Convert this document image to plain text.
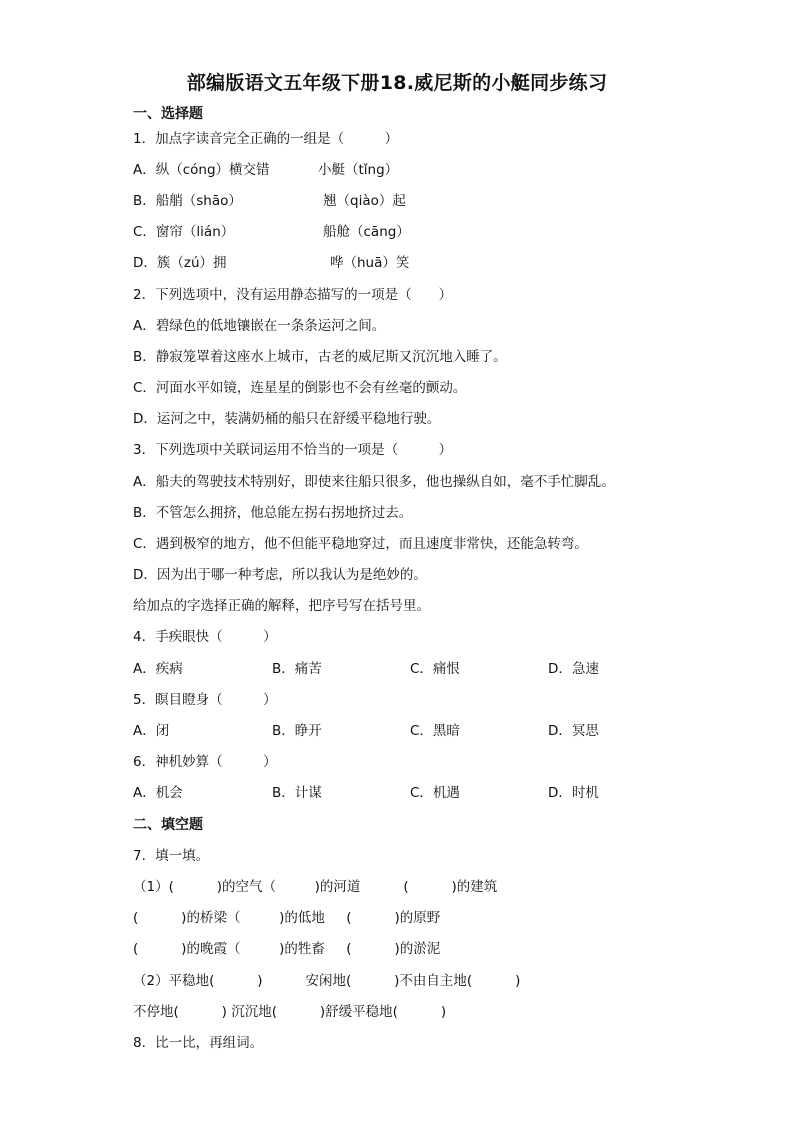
部编版语文五年级下册18.威尼斯的小艇同步练习
一、选择题
1．加点字读音完全正确的一组是（　　　）
A．纵（cóng）横交错	小艇（tǐng）
B．船艄（shāo）	翘（qiào）起
C．窗帘（lián）	船舱（cāng）
D．簇（zú）拥	哗（huā）笑
2．下列选项中，没有运用静态描写的一项是（　　）
A．碧绿色的低地镶嵌在一条条运河之间。
B．静寂笼罩着这座水上城市，古老的威尼斯又沉沉地入睡了。
C．河面水平如镜，连星星的倒影也不会有丝毫的颤动。
D．运河之中，装满奶桶的船只在舒缓平稳地行驶。
3．下列选项中关联词运用不恰当的一项是（　　　）
A．船夫的驾驶技术特别好，即使来往船只很多，他也操纵自如，毫不手忙脚乱。
B．不管怎么拥挤，他总能左拐右拐地挤过去。
C．遇到极窄的地方，他不但能平稳地穿过，而且速度非常快，还能急转弯。
D．因为出于哪一种考虑，所以我认为是绝妙的。
给加点的字选择正确的解释，把序号写在括号里。
4．手疾眼快（　　　）
A．疾病	B．痛苦	C．痛恨	D．急速
5．瞑目瞪身（　　　）
A．闭	B．睁开	C．黑暗	D．冥思
6．神机妙算（　　　）
A．机会	B．计谋	C．机遇	D．时机
二、填空题
7．填一填。
（1）(          )的空气（         )的河道          (          )的建筑
(          )的桥梁（         )的低地     (          )的原野
(          )的晚霞（         )的牲畜     (          )的淤泥
（2）平稳地(          )          安闲地(          )不由自主地(          )
不停地(          ) 沉沉地(          )舒缓平稳地(          )
8．比一比，再组词。
